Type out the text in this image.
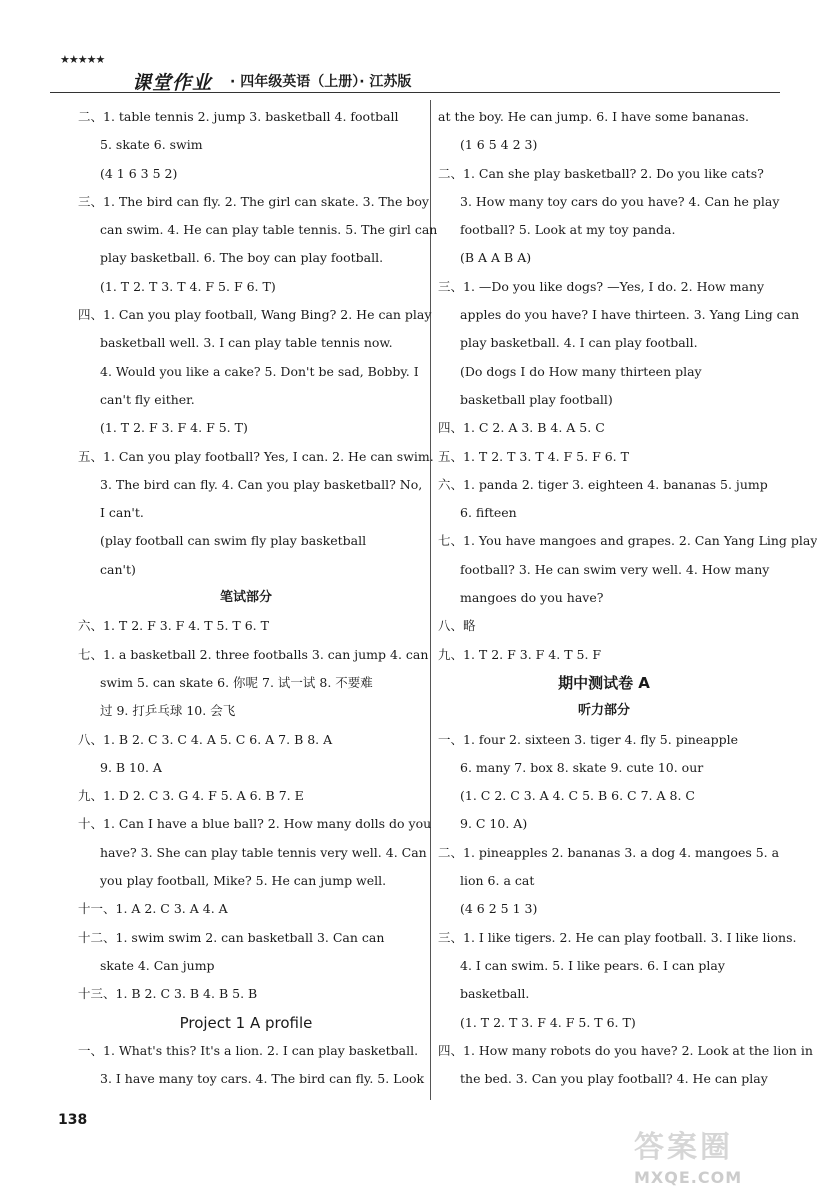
★★★★★
课堂作业 · 四年级英语（上册）· 江苏版
二、1. table tennis 2. jump 3. basketball 4. football
5. skate 6. swim
(4 1 6 3 5 2)
三、1. The bird can fly. 2. The girl can skate. 3. The boy
can swim. 4. He can play table tennis. 5. The girl can
play basketball. 6. The boy can play football.
(1. T 2. T 3. T 4. F 5. F 6. T)
四、1. Can you play football, Wang Bing? 2. He can play
basketball well. 3. I can play table tennis now.
4. Would you like a cake? 5. Don't be sad, Bobby. I
can't fly either.
(1. T 2. F 3. F 4. F 5. T)
五、1. Can you play football? Yes, I can. 2. He can swim.
3. The bird can fly. 4. Can you play basketball? No,
I can't.
(play football can swim fly play basketball
can't)
笔试部分
六、1. T 2. F 3. F 4. T 5. T 6. T
七、1. a basketball 2. three footballs 3. can jump 4. can
swim 5. can skate 6. 你呢 7. 试一试 8. 不要难
过 9. 打乒乓球 10. 会飞
八、1. B 2. C 3. C 4. A 5. C 6. A 7. B 8. A
9. B 10. A
九、1. D 2. C 3. G 4. F 5. A 6. B 7. E
十、1. Can I have a blue ball? 2. How many dolls do you
have? 3. She can play table tennis very well. 4. Can
you play football, Mike? 5. He can jump well.
十一、1. A 2. C 3. A 4. A
十二、1. swim swim 2. can basketball 3. Can can
skate 4. Can jump
十三、1. B 2. C 3. B 4. B 5. B
Project 1 A profile
一、1. What's this? It's a lion. 2. I can play basketball.
3. I have many toy cars. 4. The bird can fly. 5. Look
at the boy. He can jump. 6. I have some bananas.
(1 6 5 4 2 3)
二、1. Can she play basketball? 2. Do you like cats?
3. How many toy cars do you have? 4. Can he play
football? 5. Look at my toy panda.
(B A A B A)
三、1. —Do you like dogs? —Yes, I do. 2. How many
apples do you have? I have thirteen. 3. Yang Ling can
play basketball. 4. I can play football.
(Do dogs I do How many thirteen play
basketball play football)
四、1. C 2. A 3. B 4. A 5. C
五、1. T 2. T 3. T 4. F 5. F 6. T
六、1. panda 2. tiger 3. eighteen 4. bananas 5. jump
6. fifteen
七、1. You have mangoes and grapes. 2. Can Yang Ling play
football? 3. He can swim very well. 4. How many
mangoes do you have?
八、略
九、1. T 2. F 3. F 4. T 5. F
期中测试卷 A
听力部分
一、1. four 2. sixteen 3. tiger 4. fly 5. pineapple
6. many 7. box 8. skate 9. cute 10. our
(1. C 2. C 3. A 4. C 5. B 6. C 7. A 8. C
9. C 10. A)
二、1. pineapples 2. bananas 3. a dog 4. mangoes 5. a
lion 6. a cat
(4 6 2 5 1 3)
三、1. I like tigers. 2. He can play football. 3. I like lions.
4. I can swim. 5. I like pears. 6. I can play
basketball.
(1. T 2. T 3. F 4. F 5. T 6. T)
四、1. How many robots do you have? 2. Look at the lion in
the bed. 3. Can you play football? 4. He can play
138
答案圈
MXQE.COM
